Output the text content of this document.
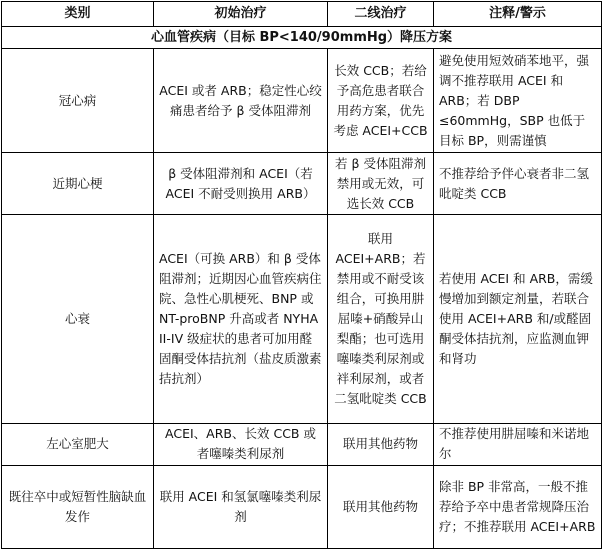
类别	初始治疗	二线治疗	注释/警示
心血管疾病（目标 BP<140/90mmHg）降压方案			
冠心病	ACEI 或者 ARB；稳定性心绞痛患者给予 β 受体阻滞剂	长效 CCB；若给予高危患者联合用药方案，优先考虑 ACEI+CCB	避免使用短效硝苯地平，强调不推荐联用 ACEI 和 ARB；若 DBP ≤60mmHg，SBP 也低于目标 BP，则需谨慎
近期心梗	β 受体阻滞剂和 ACEI（若 ACEI 不耐受则换用 ARB）	若 β 受体阻滞剂禁用或无效，可选长效 CCB	不推荐给予伴心衰者非二氢吡啶类 CCB
心衰	ACEI（可换 ARB）和 β 受体阻滞剂；近期因心血管疾病住院、急性心肌梗死、BNP 或 NT-proBNP 升高或者 NYHA II-IV 级症状的患者可加用醛固酮受体拮抗剂（盐皮质激素拮抗剂）	联用 ACEI+ARB；若禁用或不耐受该组合，可换用肼屈嗪+硝酸异山梨酯；也可选用噻嗪类利尿剂或袢利尿剂，或者二氢吡啶类 CCB	若使用 ACEI 和 ARB，需缓慢增加到额定剂量，若联合使用 ACEI+ARB 和/或醛固酮受体拮抗剂，应监测血钾和肾功
左心室肥大	ACEI、ARB、长效 CCB 或者噻嗪类利尿剂	联用其他药物	不推荐使用肼屈嗪和米诺地尔
既往卒中或短暂性脑缺血发作	联用 ACEI 和氢氯噻嗪类利尿剂	联用其他药物	除非 BP 非常高，一般不推荐给予卒中患者常规降压治疗；不推荐联用 ACEI+ARB
